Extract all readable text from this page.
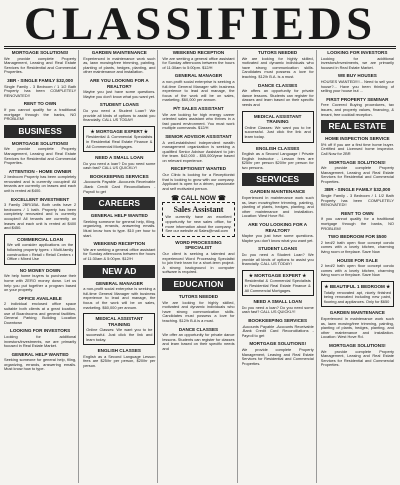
CLASSIFIEDS
MORTGAGE SOLUTIONS!
We provide complete Property Management, Leasing and Real Estate Services for Residential and Commercial Properties.
3BR - SINGLE FAMILY $32,000
Single Family - 3 Bedroom / 1 1/2 Bath Property has been COMPLETELY RENOVATED!!
RENT TO OWN
If you cannot qualify for a traditional mortgage through the banks, NO PROBLEM!
BUSINESS
MORTGAGE SOLUTIONS!
We provide complete Property Management, Leasing and Real Estate Services for Residential and Commercial Properties.
ATTENTION - HOME OWNER
2 bedroom Property has been completely renovated and is currently occupied! All tenants are currently on leases and each unit is rented at $400.
EXCELLENT INVESTMENT
3 Family 2BR/1BA. Both units have 2 bedrooms / 1 bath. Property has been completely renovated and is currently occupied! All tenants are currently on leases and each unit is rented at $400 and $450.
COMMERCIAL LOAN
We will consider applications on the following property types: • Multi-family construction • Retail • Retail Centers • Office • Mixed Use
NO MONEY DOWN
We help home buyers to purchase their home with ZERO money down. Let us help you put together a program based on your property.
OFFICE AVAILABLE
2 individual enclosed office space suitable both clients at a great location, use of Boardrooms and general facilities. General Parking Building Location Downtown
LOOKING FOR INVESTORS
Looking for additional investors/investments, we are primarily focused in Real Estate Market.
GENERAL HELP WANTED
Seeking someone for general help, filing, organizing, errands, answering emails. Must know how to type.
GARDEN MAINTENANCE
Experienced in maintenance work such as, lawn mowing/tree trimming, painting, planting of plants, hedges, planting, and other maintenance and installation.
ARE YOU LOOKING FOR A REALTOR?
Maybe you just have some questions. Maybe you don't know what you want yet.
STUDENT LOANS
Do you need a Student Loan? We provide all kinds of options to assist you financially. CALL US TODAY!
★ MORTGAGE EXPERT ★
Residential & Commercial Specialists in Residential Real Estate Finance & All Commercial Mortgages.
NEED A SMALL LOAN
Do you need a loan? Do you need some cash fast? CALL US QUICKLY!
BOOKKEEPING SERVICES
-Accounts Payable -Accounts Receivable -Bank Credit Card Reconciliations -Payroll to get
CAREERS
GENERAL HELP WANTED
Seeking someone for general help, filing, organizing, errands, answering emails. Must know how to type. $10 per hour to start.
WEEKEND RECEPTION
We are seeking a general office assistant for Sunday afternoons between the hours of 11:30am & 5:00pm. $12/H
NEW AD
GENERAL MANAGER
a non-profit social enterprise is seeking a full-time General Manager with business experience to lead and manage, the focus of the work will be on sales, marketing. $60,000 per annum.
MEDICAL ASSISTANT TRAINING
Online Classes: We want you to be successful. Just click the link and learn today.
ENGLISH CLASSES
English as a Second Language Lesson fees are $25/hr per person, $20/hr per person.
WEEKEND RECEPTION
We are seeking a general office assistant for Sunday afternoons between the hours of 11:30am to 5:00pm. $12/H
GENERAL MANAGER
a non-profit social enterprise is seeking a full-time General Manager with business experience to lead and manage, the focus of the work will be on sales, marketing. $60,000 per annum.
P/T SALES ASSISTANT
We are looking for high energy career oriented sales assistant who thrives in a fast paced environment. You must work multiple commands. $12/H
SENIOR ADVISOR ASSISTANT
A well-established independent wealth management organization is seeking a qualified Senior Advisor Assistant to join the team. $42,000 - $55,000/year based on relevant experience.
RECEPTIONIST WANTED
Our Clinic is looking for a Receptionist that is looking to grow with our company. Applicant is open for a driven, passionate and self motivated person.
☎ CALL NOW ☎
Sales Assistant
We currently have an excellent opportunity for new sales office, for more information about the company. See our website at Sales@mail.com
WORD PROCESSING SPECIALIST
Our client is seeking a talented and experienced Word Processing Specialist to join their team for a short-term project. A strong background in computer software is required.
EDUCATION
TUTORS NEEDED
We are looking for highly skilled, motivated and dynamic individuals who have strong communication skills. Candidates must possess a love for teaching. $12/h B.A is a must.
DANCE CLASSES
We offer an opportunity for private dance lessons. Students can register for classes and learn based on their specific needs and
TUTORS NEEDED
We are looking for highly skilled, motivated and dynamic individuals who have strong communication skills. Candidates must possess a love for teaching. $12/h B.A. is a must.
DANCE CLASSES
We offers an opportunity for private dance lessons. Students can register for classes and learn based on their specific needs and
MEDICAL ASSISTANT TRAINING
Online Classes: We want you to be successful. Just click the link and learn today.
ENGLISH CLASSES
English as a Second Language / Private English Instructor - Lesson fees are $25/hr per person $20/hr per person for two persons.
SERVICES
GARDEN MAINTENANCE
Experienced in maintenance work such as, lawn mowing/tree trimming, painting, planting of plants, hedges, planting, and other maintenance and installation. Location: West Hove Rd.
ARE YOU LOOKING FOR A REALTOR?
Maybe you just have some questions. Maybe you don't know what you want yet.
STUDENT LOANS
Do you need a Student Loan? We provide all kinds of options to assist you financially. CALL US TODAY!
★ MORTGAGE EXPERT ★
Residential & Commercial Specialists in Residential Real Estate Finance & All Commercial Mortgages.
NEED A SMALL LOAN
Do you need a loan? Do you need some cash fast? CALL US QUICKLY!
BOOKKEEPING SERVICES
-Accounts Payable -Accounts Receivable -Bank Credit Card Reconciliations -Payroll to get
MORTGAGE SOLUTIONS!
We provide complete Property Management, Leasing and Real Estate Services for Residential and Commercial Properties.
LOOKING FOR INVESTORS
Looking for additional investors/investments, we are primarily focused in Real Estate Market.
WE BUY HOUSES
HOUSES WANTED!!!!... Need to sell your house?... Have you been thinking of selling your house but ...
FIRST PROPERTY SEMINAR
Free Covered Buying procedures, tax issues, and property values, financing, & tenant, free cocktail reception.
REAL ESTATE
HOME INSPECTION SERVICE
5% off if you are a first time home buyer. Certified and Licensed home inspector. Call Now for 2BR
MORTGAGE SOLUTIONS!
We provide complete Property Management, Leasing and Real Estate Services for Residential and Commercial Properties.
3BR - SINGLE FAMILY $32,000
Single Family - 3 Bedroom / 1 1/2 Bath Property has been COMPLETELY RENOVATED!!
RENT TO OWN
If you cannot qualify for a traditional mortgage through the banks, NO PROBLEM!
TWO BEDROOM FOR $500
2 bed/2 bath open floor concept condo comes with a lovely kitchen, charming living room or fireplace. Save Now
HOUSE FOR SALE
2 bed/2 bath open floor concept condo comes with a lovely kitchen, charming living room or fireplace. Save Now
★ BEAUTIFUL 1 BEDROOM ★
Totally renovated apt, nicely finished being renovated including new paint, flooring and appliances. Only for $650
GARDEN MAINTENANCE
Experienced in maintenance work such as, lawn mowing/tree trimming, painting, planting of plants, hedges, planting, and other maintenance and installation. Location: West Hove Rd.
MORTGAGE SOLUTIONS!
We provide complete Property Management, Leasing and Real Estate Services for Residential and Commercial Properties.
